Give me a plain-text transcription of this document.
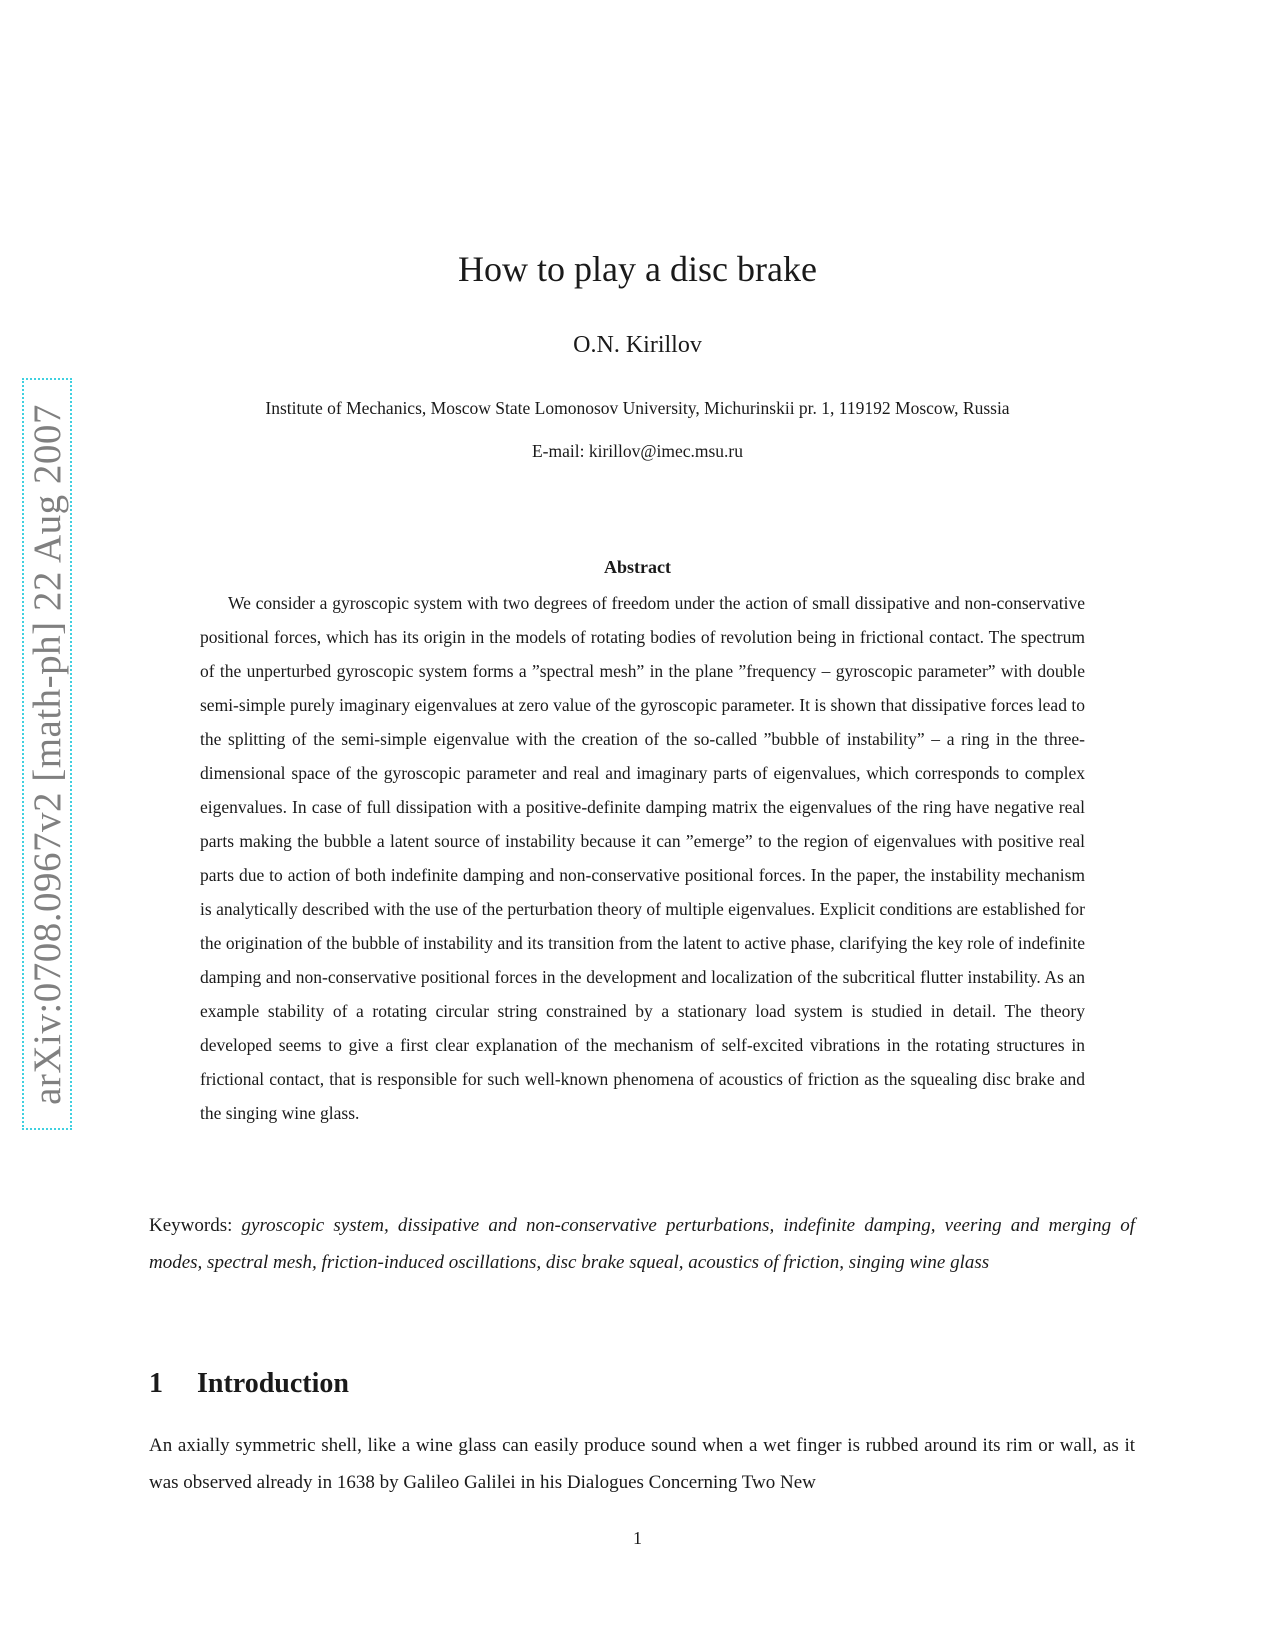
arXiv:0708.0967v2 [math-ph] 22 Aug 2007
How to play a disc brake
O.N. Kirillov
Institute of Mechanics, Moscow State Lomonosov University, Michurinskii pr. 1, 119192 Moscow, Russia
E-mail: kirillov@imec.msu.ru
Abstract

We consider a gyroscopic system with two degrees of freedom under the action of small dissipative and non-conservative positional forces, which has its origin in the models of rotating bodies of revolution being in frictional contact. The spectrum of the unperturbed gyroscopic system forms a ”spectral mesh” in the plane ”frequency – gyroscopic parameter” with double semi-simple purely imaginary eigenvalues at zero value of the gyroscopic parameter. It is shown that dissipative forces lead to the splitting of the semi-simple eigenvalue with the creation of the so-called ”bubble of instability” – a ring in the three-dimensional space of the gyroscopic parameter and real and imaginary parts of eigenvalues, which corresponds to complex eigenvalues. In case of full dissipation with a positive-definite damping matrix the eigenvalues of the ring have negative real parts making the bubble a latent source of instability because it can ”emerge” to the region of eigenvalues with positive real parts due to action of both indefinite damping and non-conservative positional forces. In the paper, the instability mechanism is analytically described with the use of the perturbation theory of multiple eigenvalues. Explicit conditions are established for the origination of the bubble of instability and its transition from the latent to active phase, clarifying the key role of indefinite damping and non-conservative positional forces in the development and localization of the subcritical flutter instability. As an example stability of a rotating circular string constrained by a stationary load system is studied in detail. The theory developed seems to give a first clear explanation of the mechanism of self-excited vibrations in the rotating structures in frictional contact, that is responsible for such well-known phenomena of acoustics of friction as the squealing disc brake and the singing wine glass.

Keywords: gyroscopic system, dissipative and non-conservative perturbations, indefinite damping, veering and merging of modes, spectral mesh, friction-induced oscillations, disc brake squeal, acoustics of friction, singing wine glass

1 Introduction

An axially symmetric shell, like a wine glass can easily produce sound when a wet finger is rubbed around its rim or wall, as it was observed already in 1638 by Galileo Galilei in his Dialogues Concerning Two New

1
